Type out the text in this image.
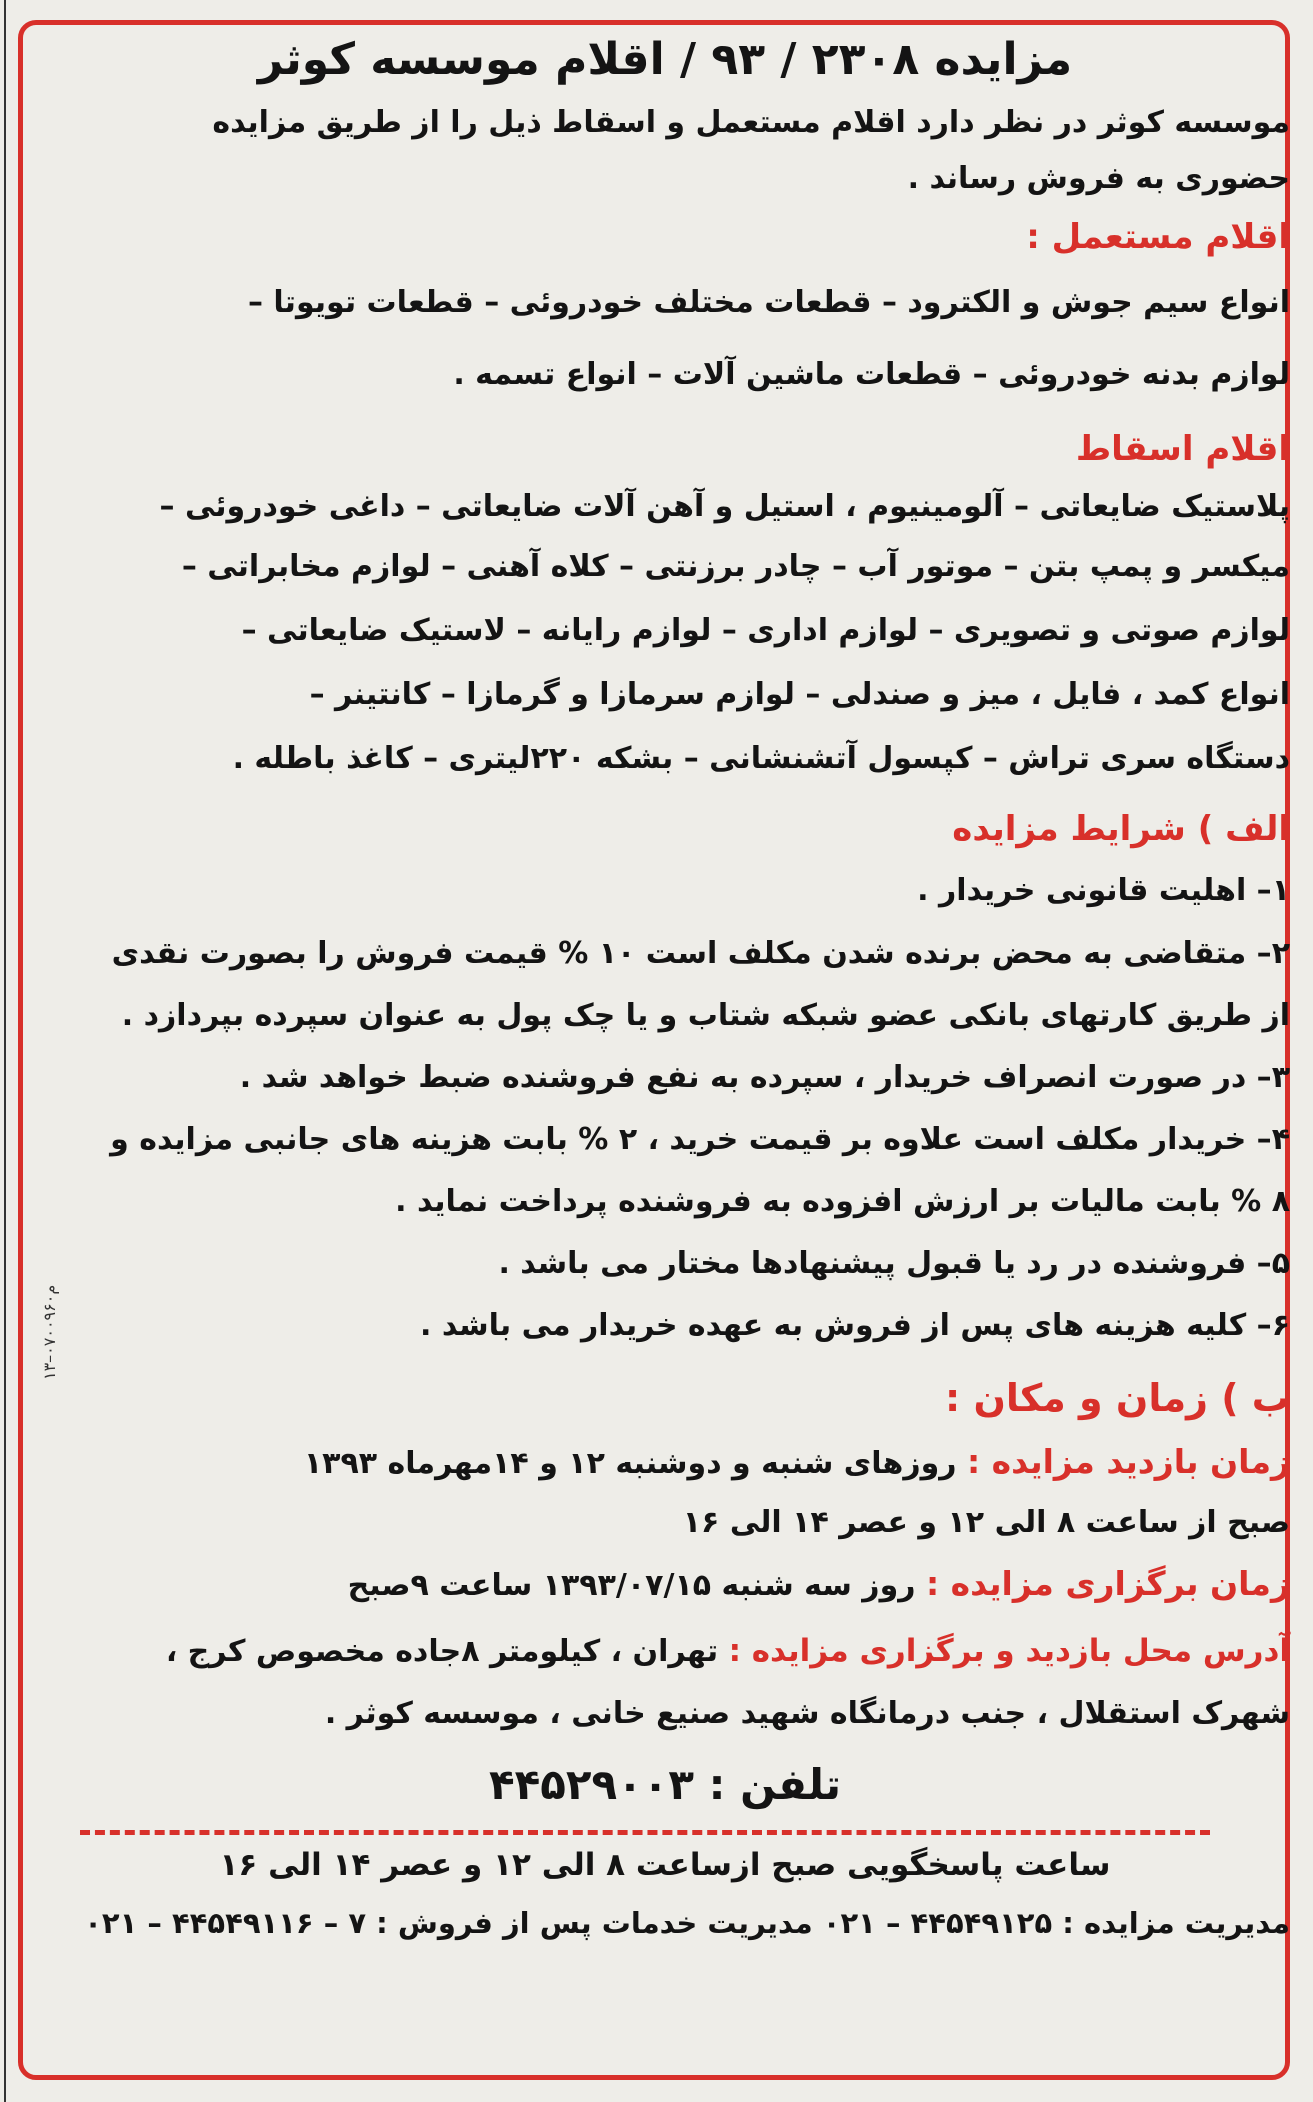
۱۳–۰۷۰۰۹۶۰م
مزایده ۲۳۰۸ / ۹۳ / اقلام موسسه کوثر
موسسه کوثر در نظر دارد اقلام مستعمل و اسقاط ذیل را از طریق مزایده
حضوری به فروش رساند .
اقلام مستعمل :
انواع سیم جوش و الکترود – قطعات مختلف خودروئی – قطعات تویوتا –
لوازم بدنه خودروئی – قطعات ماشین آلات – انواع تسمه .
اقلام اسقاط
پلاستیک ضایعاتی – آلومینیوم ، استیل و آهن آلات ضایعاتی – داغی خودروئی –
میکسر و پمپ بتن – موتور آب – چادر برزنتی – کلاه آهنی – لوازم مخابراتی –
لوازم صوتی و تصویری – لوازم اداری – لوازم رایانه – لاستیک ضایعاتی –
انواع کمد ، فایل ، میز و صندلی – لوازم سرمازا و گرمازا – کانتینر –
دستگاه سری تراش – کپسول آتشنشانی – بشکه ۲۲۰لیتری – کاغذ باطله .
الف ) شرایط مزایده
۱– اهلیت قانونی خریدار .
۲– متقاضی به محض برنده شدن مکلف است ۱۰ % قیمت فروش را بصورت نقدی
از طریق کارتهای بانکی عضو شبکه شتاب و یا چک پول به عنوان سپرده بپردازد .
۳– در صورت انصراف خریدار ، سپرده به نفع فروشنده ضبط خواهد شد .
۴– خریدار مکلف است علاوه بر قیمت خرید ، ۲ % بابت هزینه های جانبی مزایده و
۸ % بابت مالیات بر ارزش افزوده به فروشنده پرداخت نماید .
۵– فروشنده در رد یا قبول پیشنهادها مختار می باشد .
۶– کلیه هزینه های پس از فروش به عهده خریدار می باشد .
ب ) زمان و مکان :
زمان بازدید مزایده : روزهای شنبه و دوشنبه ۱۲ و ۱۴مهرماه ۱۳۹۳
صبح از ساعت ۸ الی ۱۲ و عصر ۱۴ الی ۱۶
زمان برگزاری مزایده : روز سه شنبه ۱۳۹۳/۰۷/۱۵ ساعت ۹صبح
آدرس محل بازدید و برگزاری مزایده : تهران ، کیلومتر ۸جاده مخصوص کرج ،
شهرک استقلال ، جنب درمانگاه شهید صنیع خانی ، موسسه کوثر .
تلفن : ۴۴۵۲۹۰۰۳
ساعت پاسخگویی صبح ازساعت ۸ الی ۱۲ و عصر ۱۴ الی ۱۶
مدیریت مزایده : ۴۴۵۴۹۱۲۵ – ۰۲۱ مدیریت خدمات پس از فروش : ۷ – ۴۴۵۴۹۱۱۶ – ۰۲۱
